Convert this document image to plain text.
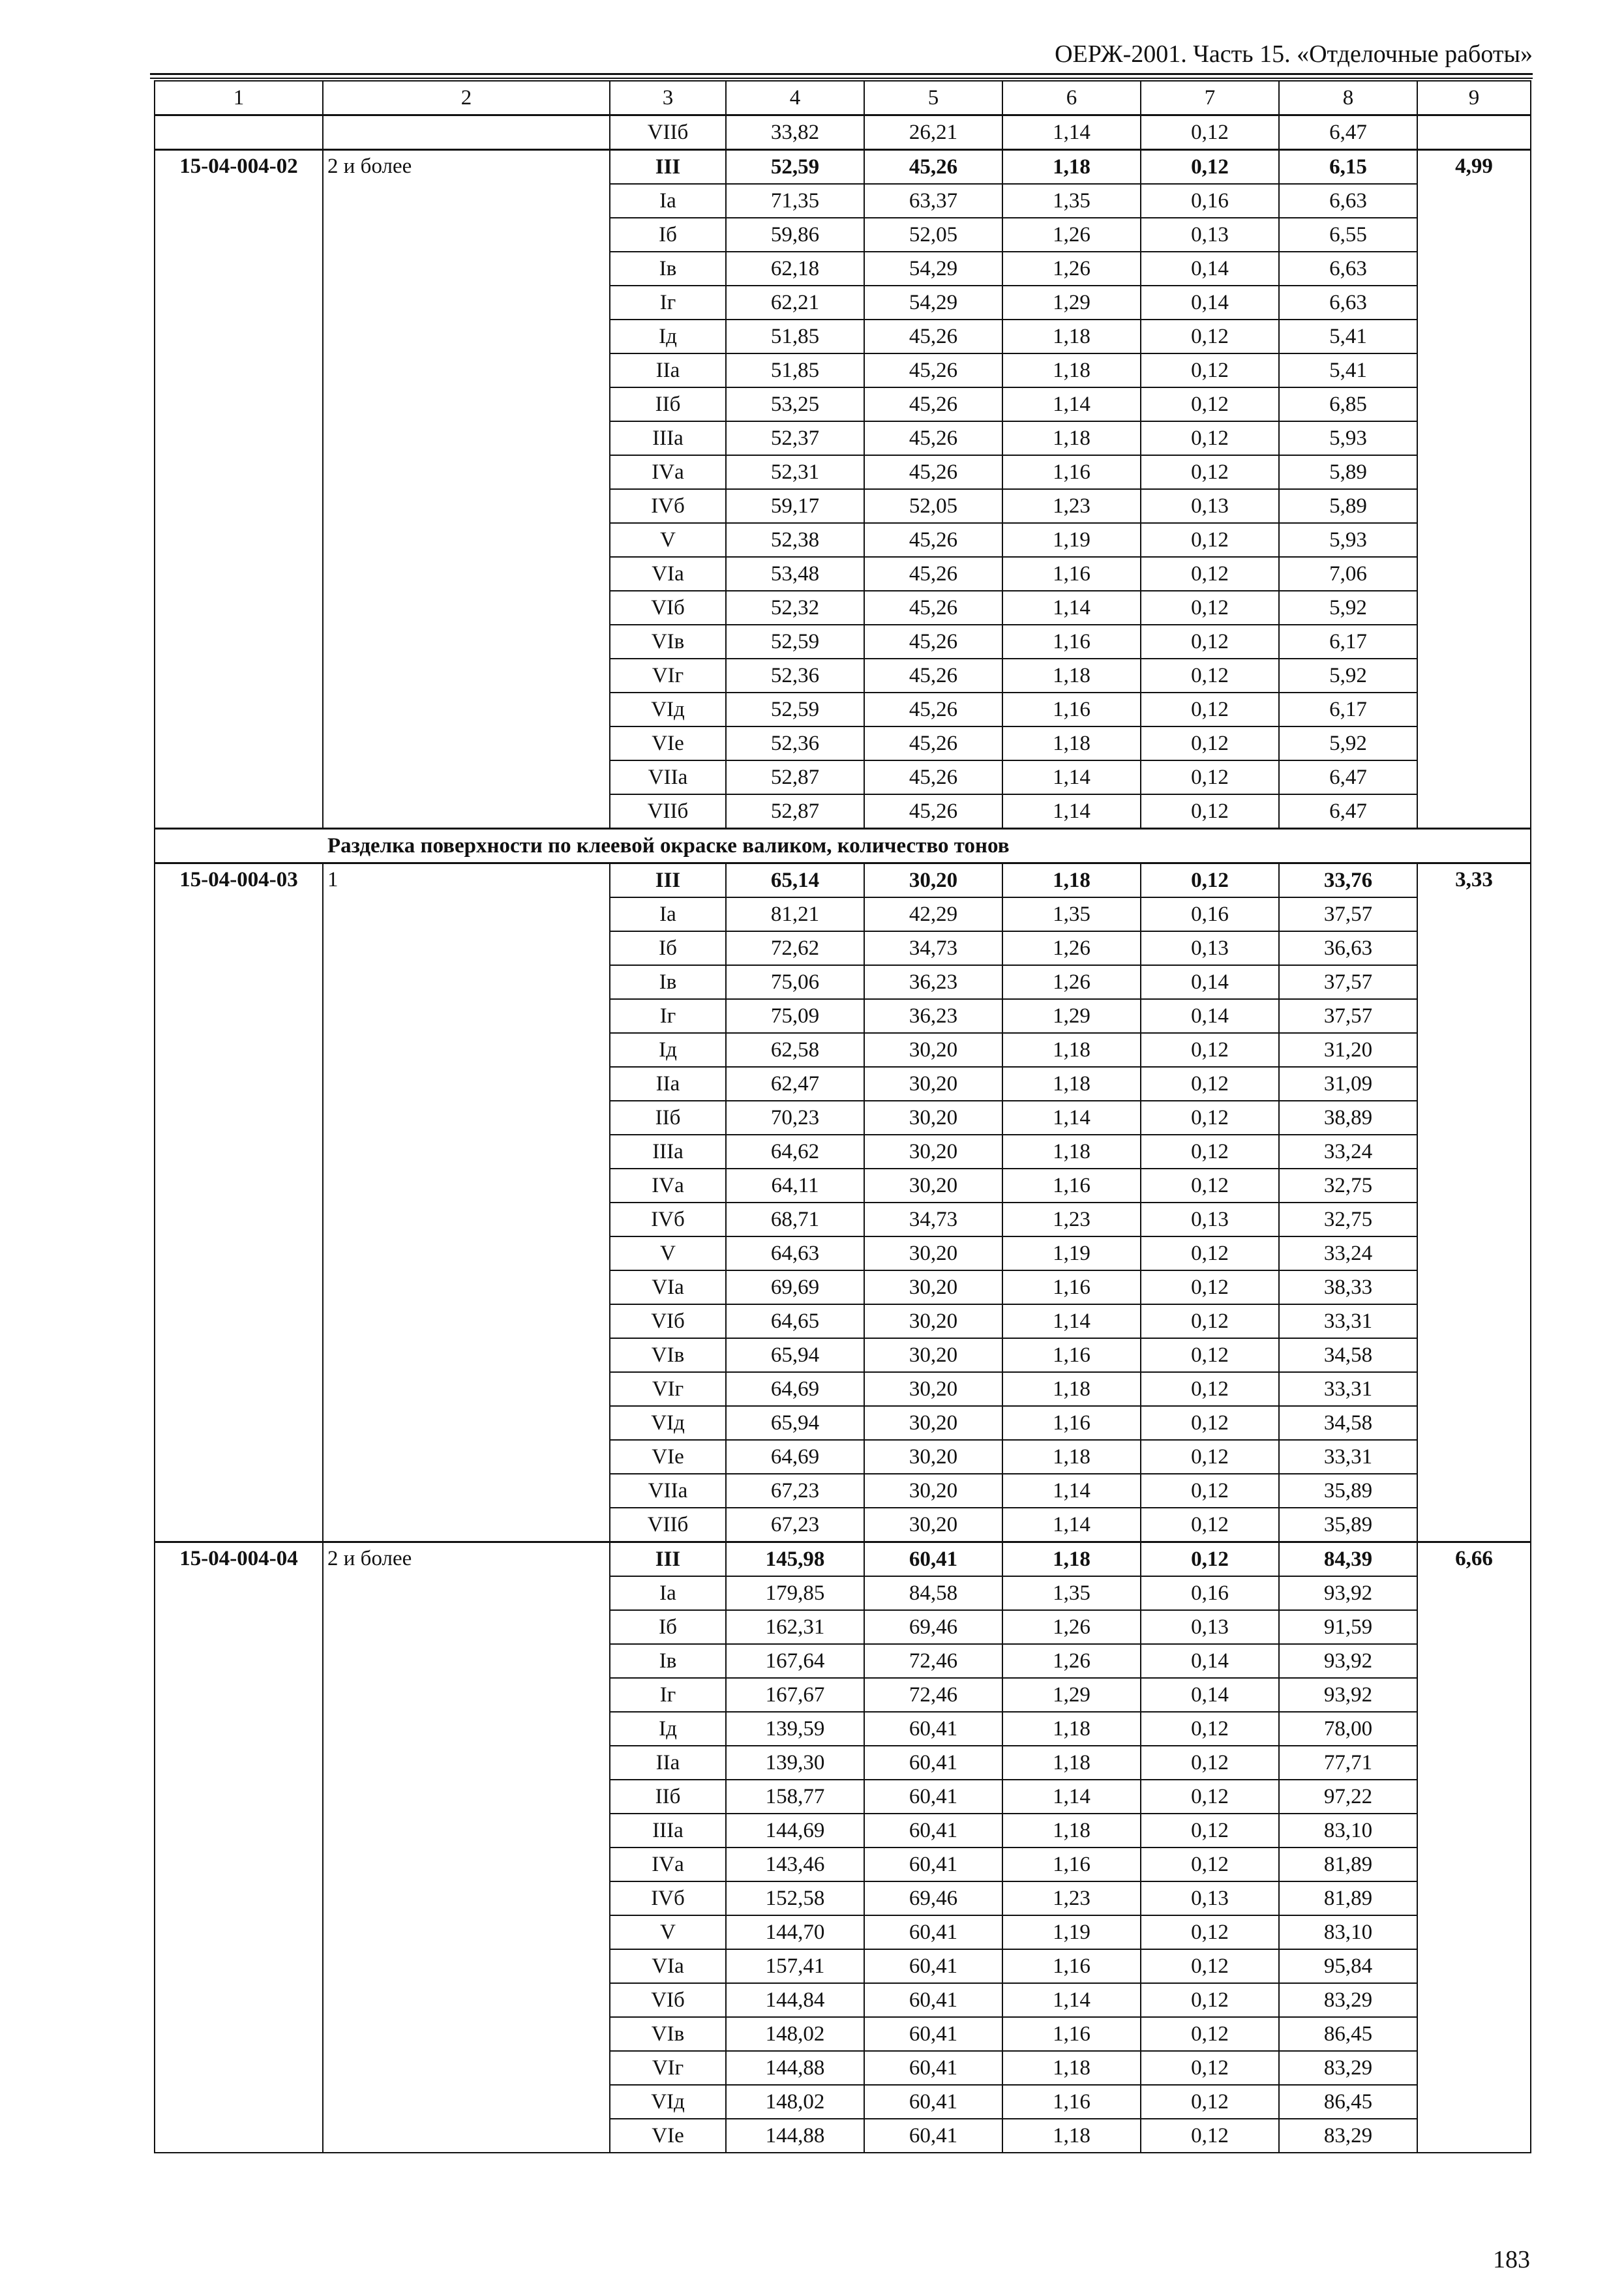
ОЕРЖ-2001. Часть 15. «Отделочные работы»
1	2	3	4	5	6	7	8	9
		VIIб	33,82	26,21	1,14	0,12	6,47	
15-04-004-02	2 и более	III	52,59	45,26	1,18	0,12	6,15	4,99
		Iа	71,35	63,37	1,35	0,16	6,63	
		Iб	59,86	52,05	1,26	0,13	6,55	
		Iв	62,18	54,29	1,26	0,14	6,63	
		Iг	62,21	54,29	1,29	0,14	6,63	
		Iд	51,85	45,26	1,18	0,12	5,41	
		IIа	51,85	45,26	1,18	0,12	5,41	
		IIб	53,25	45,26	1,14	0,12	6,85	
		IIIа	52,37	45,26	1,18	0,12	5,93	
		IVа	52,31	45,26	1,16	0,12	5,89	
		IVб	59,17	52,05	1,23	0,13	5,89	
		V	52,38	45,26	1,19	0,12	5,93	
		VIа	53,48	45,26	1,16	0,12	7,06	
		VIб	52,32	45,26	1,14	0,12	5,92	
		VIв	52,59	45,26	1,16	0,12	6,17	
		VIг	52,36	45,26	1,18	0,12	5,92	
		VIд	52,59	45,26	1,16	0,12	6,17	
		VIе	52,36	45,26	1,18	0,12	5,92	
		VIIа	52,87	45,26	1,14	0,12	6,47	
		VIIб	52,87	45,26	1,14	0,12	6,47	
Разделка поверхности по клеевой окраске валиком, количество тонов								
15-04-004-03	1	III	65,14	30,20	1,18	0,12	33,76	3,33
		Iа	81,21	42,29	1,35	0,16	37,57	
		Iб	72,62	34,73	1,26	0,13	36,63	
		Iв	75,06	36,23	1,26	0,14	37,57	
		Iг	75,09	36,23	1,29	0,14	37,57	
		Iд	62,58	30,20	1,18	0,12	31,20	
		IIа	62,47	30,20	1,18	0,12	31,09	
		IIб	70,23	30,20	1,14	0,12	38,89	
		IIIа	64,62	30,20	1,18	0,12	33,24	
		IVа	64,11	30,20	1,16	0,12	32,75	
		IVб	68,71	34,73	1,23	0,13	32,75	
		V	64,63	30,20	1,19	0,12	33,24	
		VIа	69,69	30,20	1,16	0,12	38,33	
		VIб	64,65	30,20	1,14	0,12	33,31	
		VIв	65,94	30,20	1,16	0,12	34,58	
		VIг	64,69	30,20	1,18	0,12	33,31	
		VIд	65,94	30,20	1,16	0,12	34,58	
		VIе	64,69	30,20	1,18	0,12	33,31	
		VIIа	67,23	30,20	1,14	0,12	35,89	
		VIIб	67,23	30,20	1,14	0,12	35,89	
15-04-004-04	2 и более	III	145,98	60,41	1,18	0,12	84,39	6,66
		Iа	179,85	84,58	1,35	0,16	93,92	
		Iб	162,31	69,46	1,26	0,13	91,59	
		Iв	167,64	72,46	1,26	0,14	93,92	
		Iг	167,67	72,46	1,29	0,14	93,92	
		Iд	139,59	60,41	1,18	0,12	78,00	
		IIа	139,30	60,41	1,18	0,12	77,71	
		IIб	158,77	60,41	1,14	0,12	97,22	
		IIIа	144,69	60,41	1,18	0,12	83,10	
		IVа	143,46	60,41	1,16	0,12	81,89	
		IVб	152,58	69,46	1,23	0,13	81,89	
		V	144,70	60,41	1,19	0,12	83,10	
		VIа	157,41	60,41	1,16	0,12	95,84	
		VIб	144,84	60,41	1,14	0,12	83,29	
		VIв	148,02	60,41	1,16	0,12	86,45	
		VIг	144,88	60,41	1,18	0,12	83,29	
		VIд	148,02	60,41	1,16	0,12	86,45	
		VIе	144,88	60,41	1,18	0,12	83,29	
183
